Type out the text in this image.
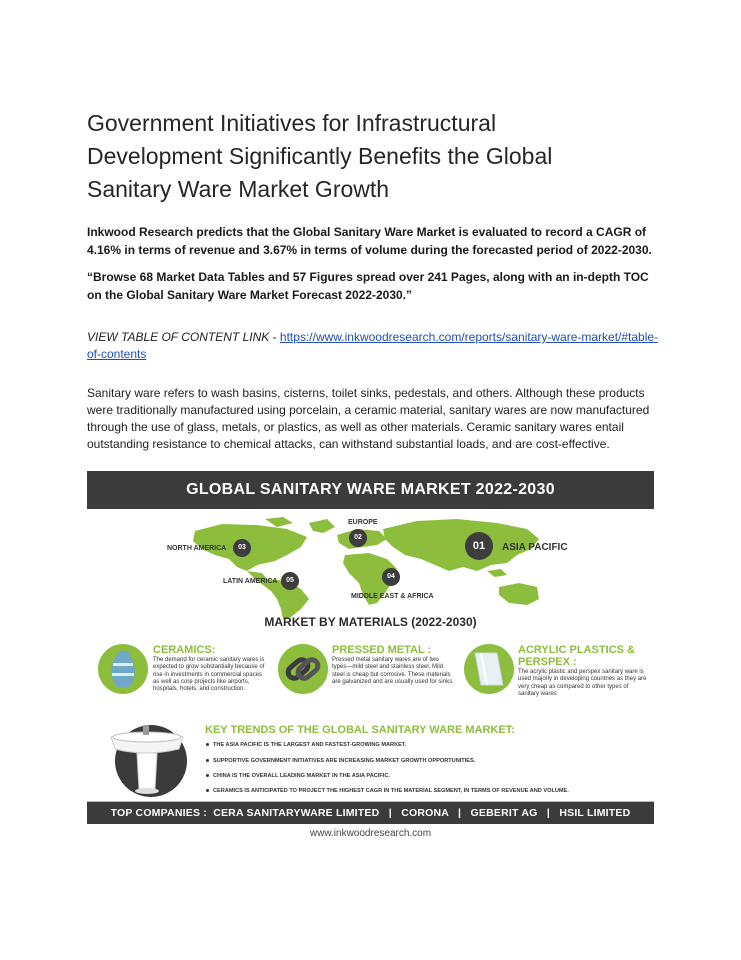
Government Initiatives for Infrastructural
Development Significantly Benefits the Global
Sanitary Ware Market Growth

Inkwood Research predicts that the Global Sanitary Ware Market is evaluated to record a CAGR of 4.16% in terms of revenue and 3.67% in terms of volume during the forecasted period of 2022-2030.

“Browse 68 Market Data Tables and 57 Figures spread over 241 Pages, along with an in-depth TOC on the Global Sanitary Ware Market Forecast 2022-2030.”

VIEW TABLE OF CONTENT LINK - https://www.inkwoodresearch.com/reports/sanitary-ware-market/#table-of-contents

Sanitary ware refers to wash basins, cisterns, toilet sinks, pedestals, and others. Although these products were traditionally manufactured using porcelain, a ceramic material, sanitary wares are now manufactured through the use of glass, metals, or plastics, as well as other materials. Ceramic sanitary wares entail outstanding resistance to chemical attacks, can withstand substantial loads, and are cost-effective.

GLOBAL SANITARY WARE MARKET 2022-2030
02
EUROPE
03
NORTH AMERICA	01	ASIA PACIFIC
05
LATIN AMERICA
04
MIDDLE EAST & AFRICA
MARKET BY MATERIALS (2022-2030)
CERAMICS:
The demand for ceramic sanitary wares is expected to grow substantially because of rise in investments in commercial spaces as well as core projects like airports, hospitals, hotels, and construction.
PRESSED METAL :
Pressed metal sanitary wares are of two types—mild steel and stainless steel. Mild steel is cheap but corrosive. These materials are galvanized and are usually used for sinks.
ACRYLIC PLASTICS &
PERSPEX :
The acrylic plastic and perspex sanitary ware is used majorly in developing countries as they are very cheap as compared to other types of sanitary wares
KEY TRENDS OF THE GLOBAL SANITARY WARE MARKET:
THE ASIA PACIFIC IS THE LARGEST AND FASTEST-GROWING MARKET.
SUPPORTIVE GOVERNMENT INITIATIVES ARE INCREASING MARKET GROWTH OPPORTUNITIES.
CHINA IS THE OVERALL LEADING MARKET IN THE ASIA PACIFIC.
CERAMICS IS ANTICIPATED TO PROJECT THE HIGHEST CAGR IN THE MATERIAL SEGMENT, IN TERMS OF REVENUE AND VOLUME.
TOP COMPANIES :  CERA SANITARYWARE LIMITED   |   CORONA   |   GEBERIT AG   |   HSIL LIMITED
www.inkwoodresearch.com
